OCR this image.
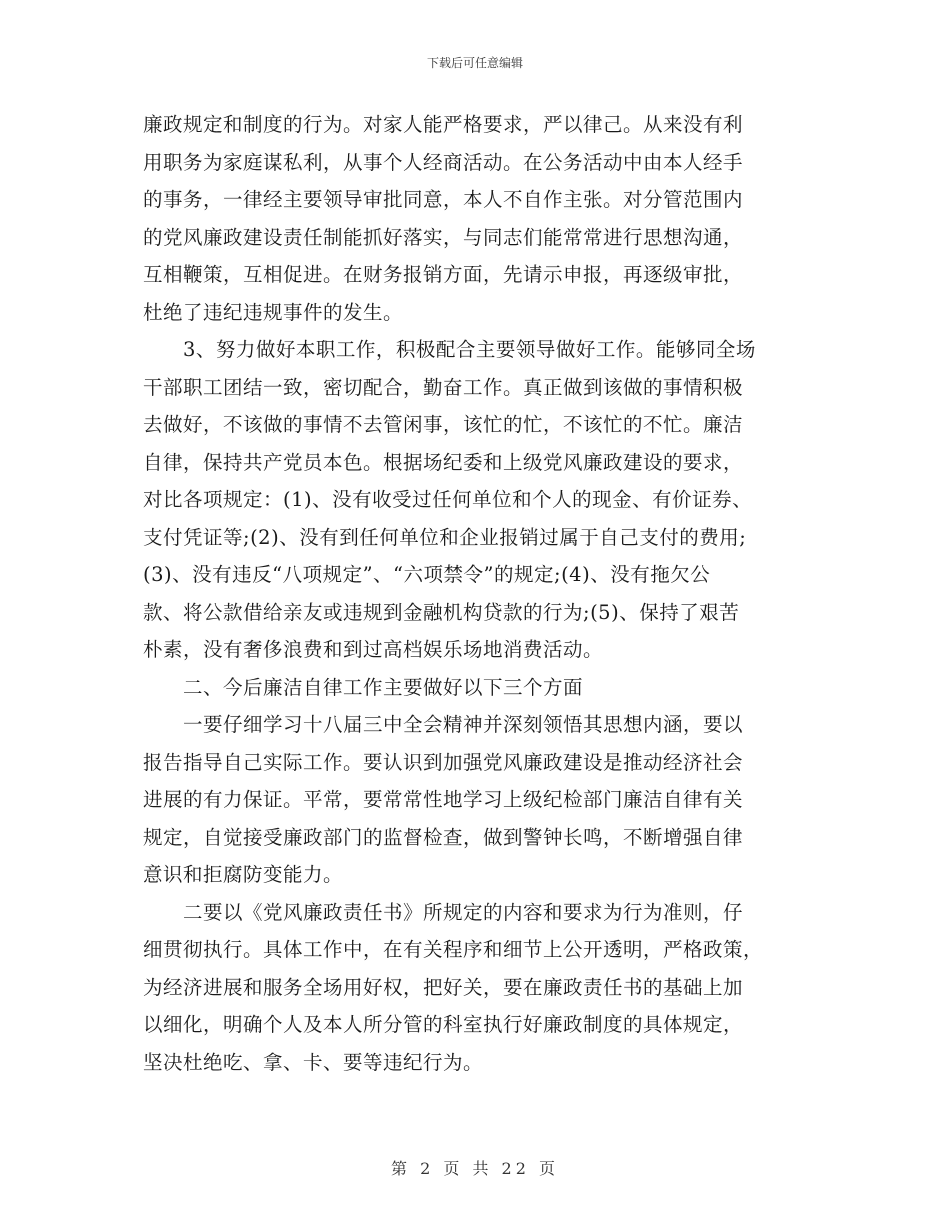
下载后可任意编辑
廉政规定和制度的行为。对家人能严格要求，严以律己。从来没有利
用职务为家庭谋私利，从事个人经商活动。在公务活动中由本人经手
的事务，一律经主要领导审批同意，本人不自作主张。对分管范围内
的党风廉政建设责任制能抓好落实，与同志们能常常进行思想沟通，
互相鞭策，互相促进。在财务报销方面，先请示申报，再逐级审批，
杜绝了违纪违规事件的发生。
3、努力做好本职工作，积极配合主要领导做好工作。能够同全场
干部职工团结一致，密切配合，勤奋工作。真正做到该做的事情积极
去做好，不该做的事情不去管闲事，该忙的忙，不该忙的不忙。廉洁
自律，保持共产党员本色。根据场纪委和上级党风廉政建设的要求，
对比各项规定：(1)、没有收受过任何单位和个人的现金、有价证券、
支付凭证等;(2)、没有到任何单位和企业报销过属于自己支付的费用;
(3)、没有违反“八项规定”、“六项禁令”的规定;(4)、没有拖欠公
款、将公款借给亲友或违规到金融机构贷款的行为;(5)、保持了艰苦
朴素，没有奢侈浪费和到过高档娱乐场地消费活动。
二、今后廉洁自律工作主要做好以下三个方面
一要仔细学习十八届三中全会精神并深刻领悟其思想内涵，要以
报告指导自己实际工作。要认识到加强党风廉政建设是推动经济社会
进展的有力保证。平常，要常常性地学习上级纪检部门廉洁自律有关
规定，自觉接受廉政部门的监督检查，做到警钟长鸣，不断增强自律
意识和拒腐防变能力。
二要以《党风廉政责任书》所规定的内容和要求为行为准则，仔
细贯彻执行。具体工作中，在有关程序和细节上公开透明，严格政策，
为经济进展和服务全场用好权，把好关，要在廉政责任书的基础上加
以细化，明确个人及本人所分管的科室执行好廉政制度的具体规定，
坚决杜绝吃、拿、卡、要等违纪行为。
第 2 页 共 22 页
